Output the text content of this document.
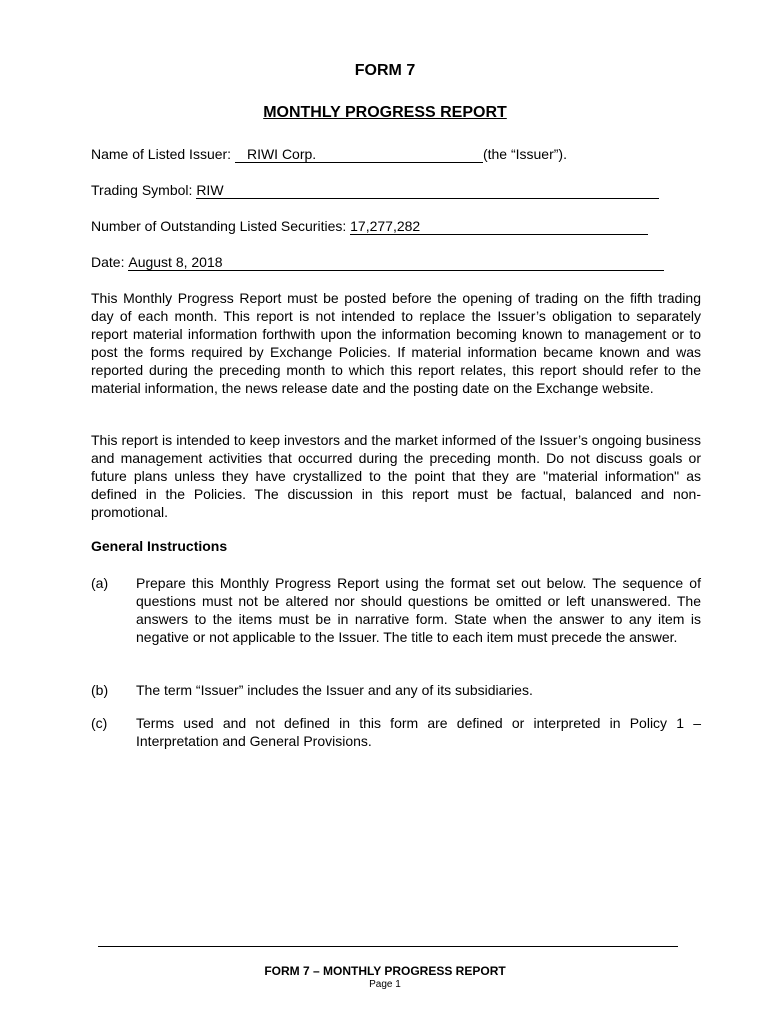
FORM 7
MONTHLY PROGRESS REPORT
Name of Listed Issuer: RIWI Corp.	(the “Issuer”).
Trading Symbol: RIW
Number of Outstanding Listed Securities: 17,277,282
Date: August 8, 2018

This Monthly Progress Report must be posted before the opening of trading on the fifth trading day of each month. This report is not intended to replace the Issuer’s obligation to separately report material information forthwith upon the information becoming known to management or to post the forms required by Exchange Policies. If material information became known and was reported during the preceding month to which this report relates, this report should refer to the material information, the news release date and the posting date on the Exchange website.

This report is intended to keep investors and the market informed of the Issuer’s ongoing business and management activities that occurred during the preceding month. Do not discuss goals or future plans unless they have crystallized to the point that they are "material information" as defined in the Policies. The discussion in this report must be factual, balanced and non-promotional.

General Instructions
(a) Prepare this Monthly Progress Report using the format set out below. The sequence of questions must not be altered nor should questions be omitted or left unanswered. The answers to the items must be in narrative form. State when the answer to any item is negative or not applicable to the Issuer. The title to each item must precede the answer.
(b) The term “Issuer” includes the Issuer and any of its subsidiaries.
(c) Terms used and not defined in this form are defined or interpreted in Policy 1 – Interpretation and General Provisions.
FORM 7 – MONTHLY PROGRESS REPORT
Page 1
